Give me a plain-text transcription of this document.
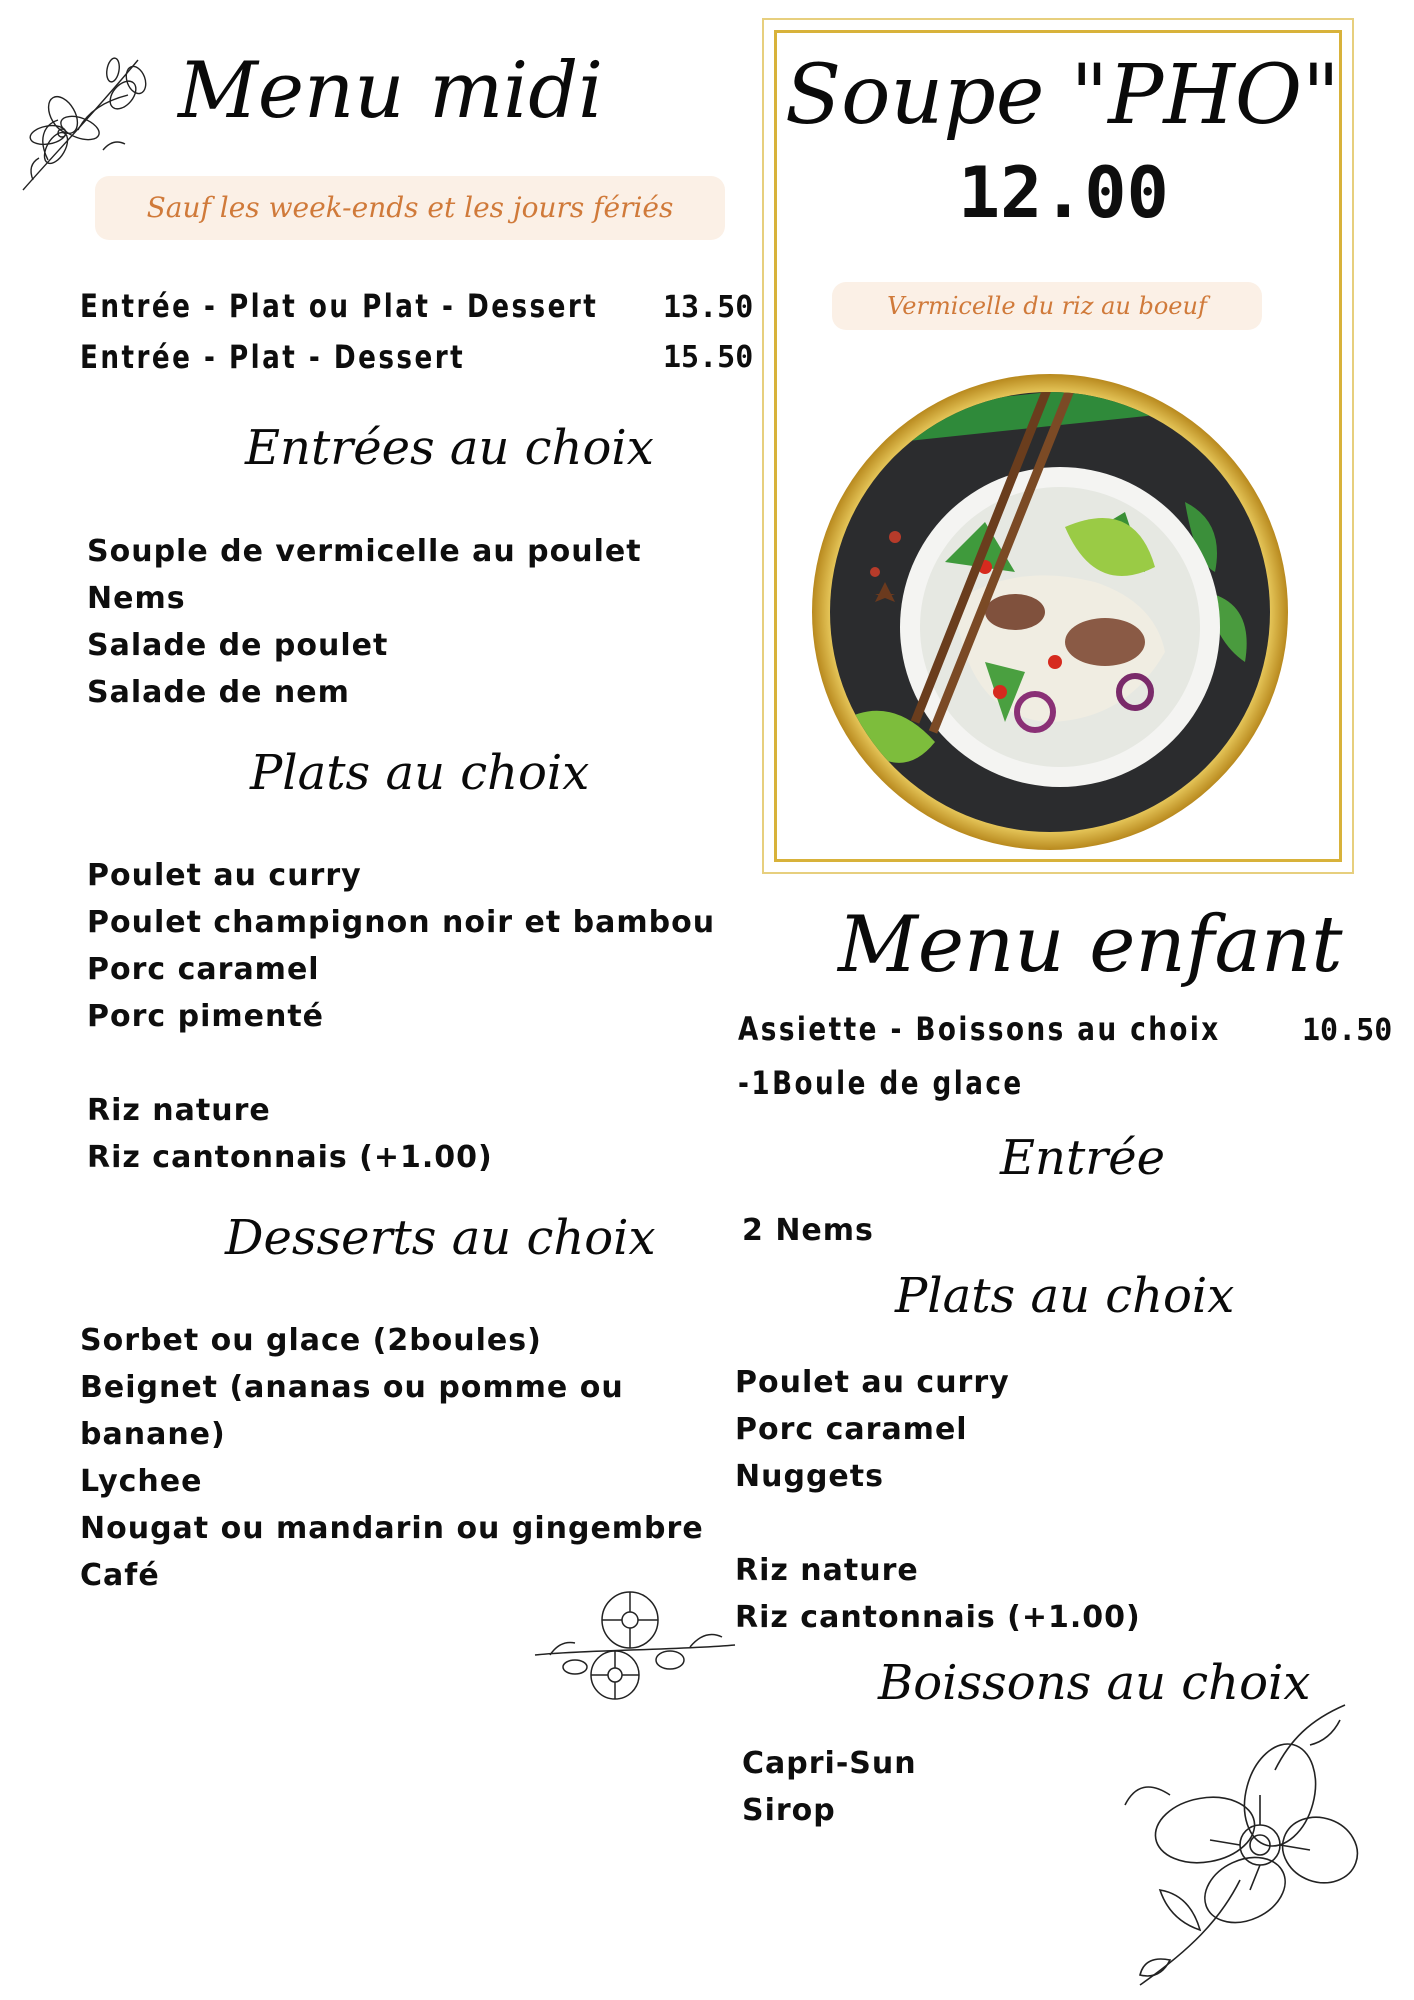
Menu midi
Sauf les week-ends et les jours fériés
Entrée - Plat ou Plat - Dessert 13.50
Entrée - Plat - Dessert	15.50
Entrées au choix
Souple de vermicelle au poulet
Nems
Salade de poulet
Salade de nem
Plats au choix
Poulet au curry
Poulet champignon noir et bambou
Porc caramel
Porc pimenté
Riz nature
Riz cantonnais (+1.00)
Desserts au choix
Sorbet ou glace (2boules)
Beignet (ananas ou pomme ou
banane)
Lychee
Nougat ou mandarin ou gingembre
Café
Soupe "PHO"
12.00
Vermicelle du riz au boeuf
Menu enfant
Assiette - Boissons au choix	10.50
-1Boule de glace
Entrée
2 Nems
Plats au choix
Poulet au curry
Porc caramel
Nuggets
Riz nature
Riz cantonnais (+1.00)
Boissons au choix
Capri-Sun
Sirop
